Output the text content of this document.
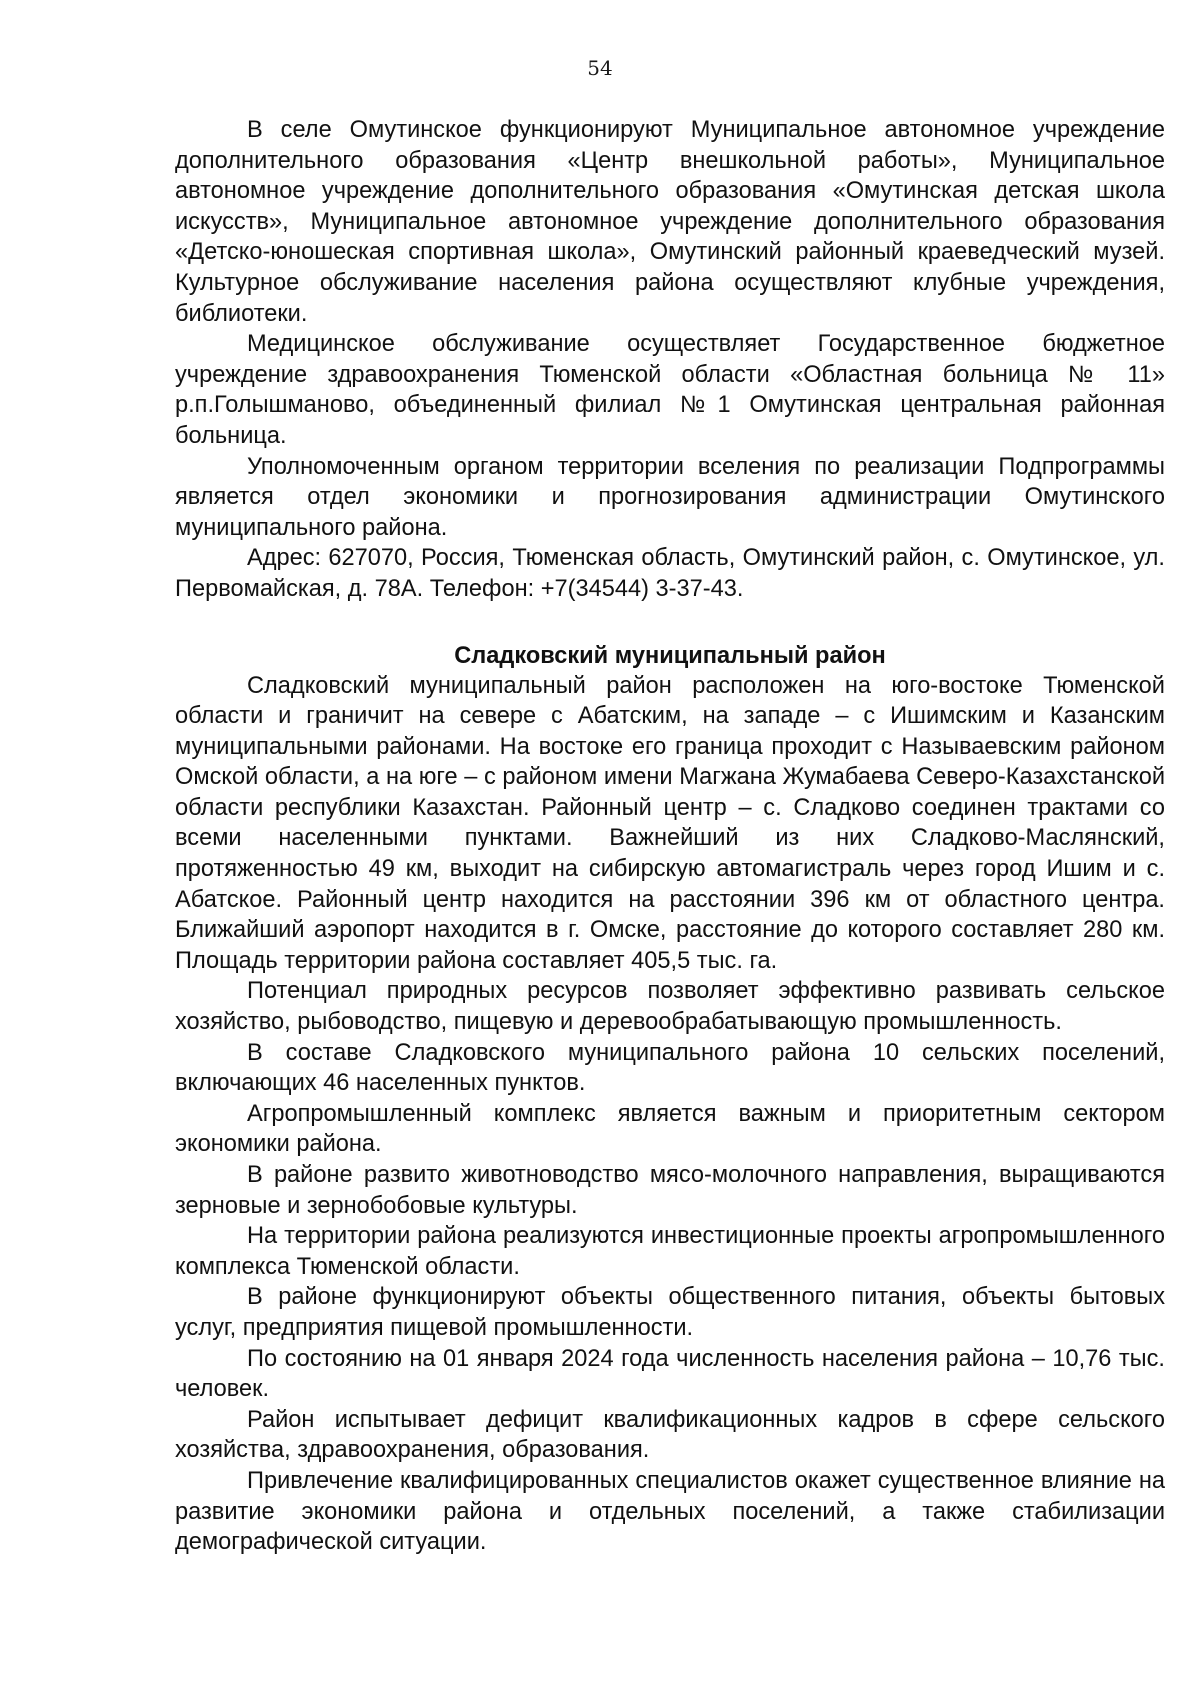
54

В селе Омутинское функционируют Муниципальное автономное учреждение дополнительного образования «Центр внешкольной работы», Муниципальное автономное учреждение дополнительного образования «Омутинская детская школа искусств», Муниципальное автономное учреждение дополнительного образования «Детско-юношеская спортивная школа», Омутинский районный краеведческий музей. Культурное обслуживание населения района осуществляют клубные учреждения, библиотеки.

Медицинское обслуживание осуществляет Государственное бюджетное учреждение здравоохранения Тюменской области «Областная больница № 11» р.п.Голышманово, объединенный филиал №1 Омутинская центральная районная больница.

Уполномоченным органом территории вселения по реализации Подпрограммы является отдел экономики и прогнозирования администрации Омутинского муниципального района.

Адрес: 627070, Россия, Тюменская область, Омутинский район, с. Омутинское, ул. Первомайская, д. 78А. Телефон: +7(34544) 3-37-43.

Сладковский муниципальный район

Сладковский муниципальный район расположен на юго-востоке Тюменской области и граничит на севере с Абатским, на западе – с Ишимским и Казанским муниципальными районами. На востоке его граница проходит с Называевским районом Омской области, а на юге – с районом имени Магжана Жумабаева Северо-Казахстанской области республики Казахстан. Районный центр – с. Сладково соединен трактами со всеми населенными пунктами. Важнейший из них Сладково-Маслянский, протяженностью 49 км, выходит на сибирскую автомагистраль через город Ишим и с. Абатское. Районный центр находится на расстоянии 396 км от областного центра. Ближайший аэропорт находится в г. Омске, расстояние до которого составляет 280 км. Площадь территории района составляет 405,5 тыс. га.

Потенциал природных ресурсов позволяет эффективно развивать сельское хозяйство, рыбоводство, пищевую и деревообрабатывающую промышленность.

В составе Сладковского муниципального района 10 сельских поселений, включающих 46 населенных пунктов.

Агропромышленный комплекс является важным и приоритетным сектором экономики района.

В районе развито животноводство мясо-молочного направления, выращиваются зерновые и зернобобовые культуры.

На территории района реализуются инвестиционные проекты агропромышленного комплекса Тюменской области.

В районе функционируют объекты общественного питания, объекты бытовых услуг, предприятия пищевой промышленности.

По состоянию на 01 января 2024 года численность населения района – 10,76 тыс. человек.

Район испытывает дефицит квалификационных кадров в сфере сельского хозяйства, здравоохранения, образования.

Привлечение квалифицированных специалистов окажет существенное влияние на развитие экономики района и отдельных поселений, а также стабилизации демографической ситуации.
